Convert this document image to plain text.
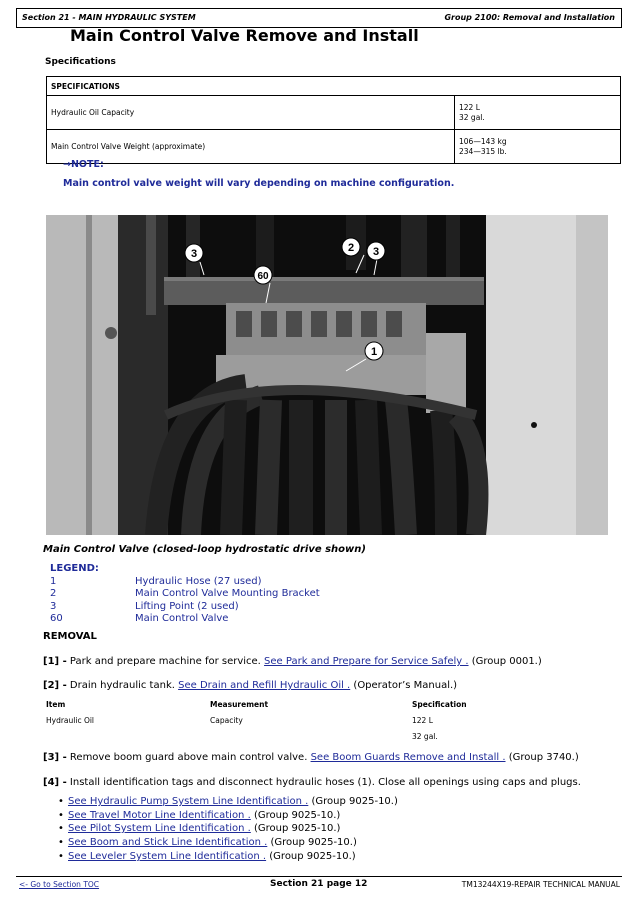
Section 21 - MAIN HYDRAULIC SYSTEM	Group 2100: Removal and Installation
Main Control Valve Remove and Install
Specifications
SPECIFICATIONS	
Hydraulic Oil Capacity	122 L
32 gal.

Main Control Valve Weight (approximate)	106—143 kg
234—315 lb.
→NOTE:
Main control valve weight will vary depending on machine configuration.
3
60
2 3
1
Main Control Valve (closed-loop hydrostatic drive shown)
LEGEND:
1	Hydraulic Hose (27 used)
2	Main Control Valve Mounting Bracket
3	Lifting Point (2 used)
60	Main Control Valve
REMOVAL
[1] - Park and prepare machine for service. See Park and Prepare for Service Safely . (Group 0001.)
[2] - Drain hydraulic tank. See Drain and Refill Hydraulic Oil . (Operator’s Manual.)
Item	Measurement	Specification
Hydraulic Oil	Capacity	122 L
32 gal.
[3] - Remove boom guard above main control valve. See Boom Guards Remove and Install . (Group 3740.)
[4] - Install identification tags and disconnect hydraulic hoses (1). Close all openings using caps and plugs.
• See Hydraulic Pump System Line Identification . (Group 9025-10.)
• See Travel Motor Line Identification . (Group 9025-10.)
• See Pilot System Line Identification . (Group 9025-10.)
• See Boom and Stick Line Identification . (Group 9025-10.)
• See Leveler System Line Identification . (Group 9025-10.)
<- Go to Section TOC	Section 21 page 12	TM13244X19-REPAIR TECHNICAL MANUAL
